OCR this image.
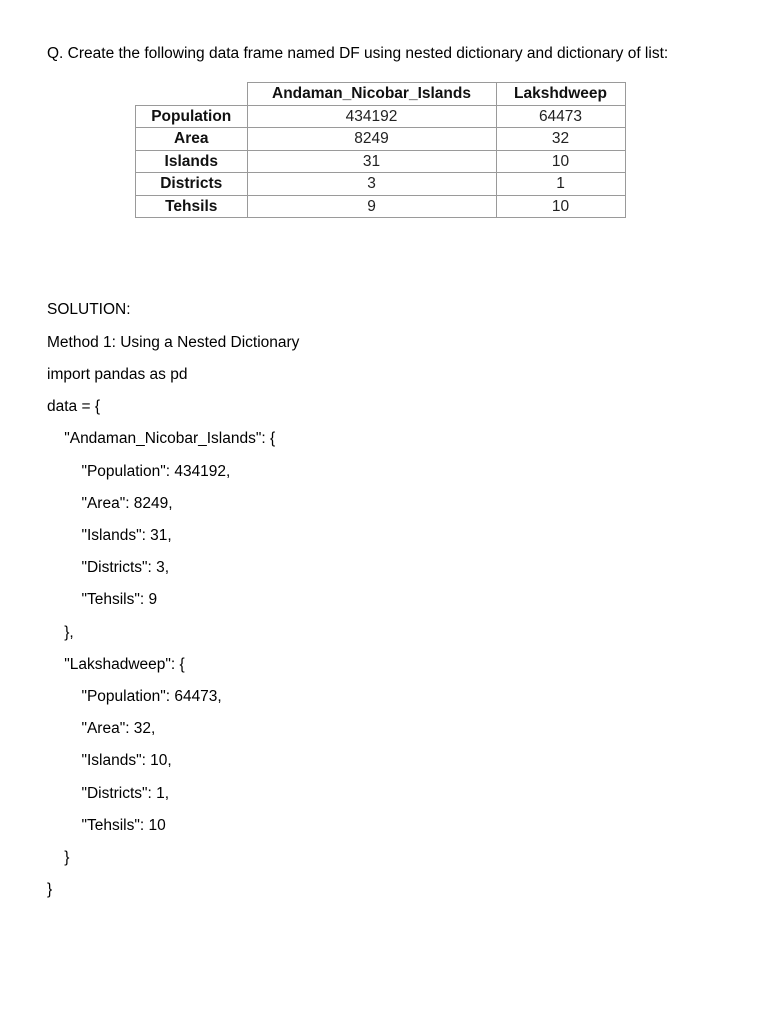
Q. Create the following data frame named DF using nested dictionary and dictionary of list:
	Andaman_Nicobar_Islands	Lakshdweep
Population	434192	64473
Area	8249	32
Islands	31	10
Districts	3	1
Tehsils	9	10
SOLUTION:
Method 1: Using a Nested Dictionary
import pandas as pd
data = {
"Andaman_Nicobar_Islands": {
"Population": 434192,
"Area": 8249,
"Islands": 31,
"Districts": 3,
"Tehsils": 9
},
"Lakshadweep": {
"Population": 64473,
"Area": 32,
"Islands": 10,
"Districts": 1,
"Tehsils": 10
}
}
